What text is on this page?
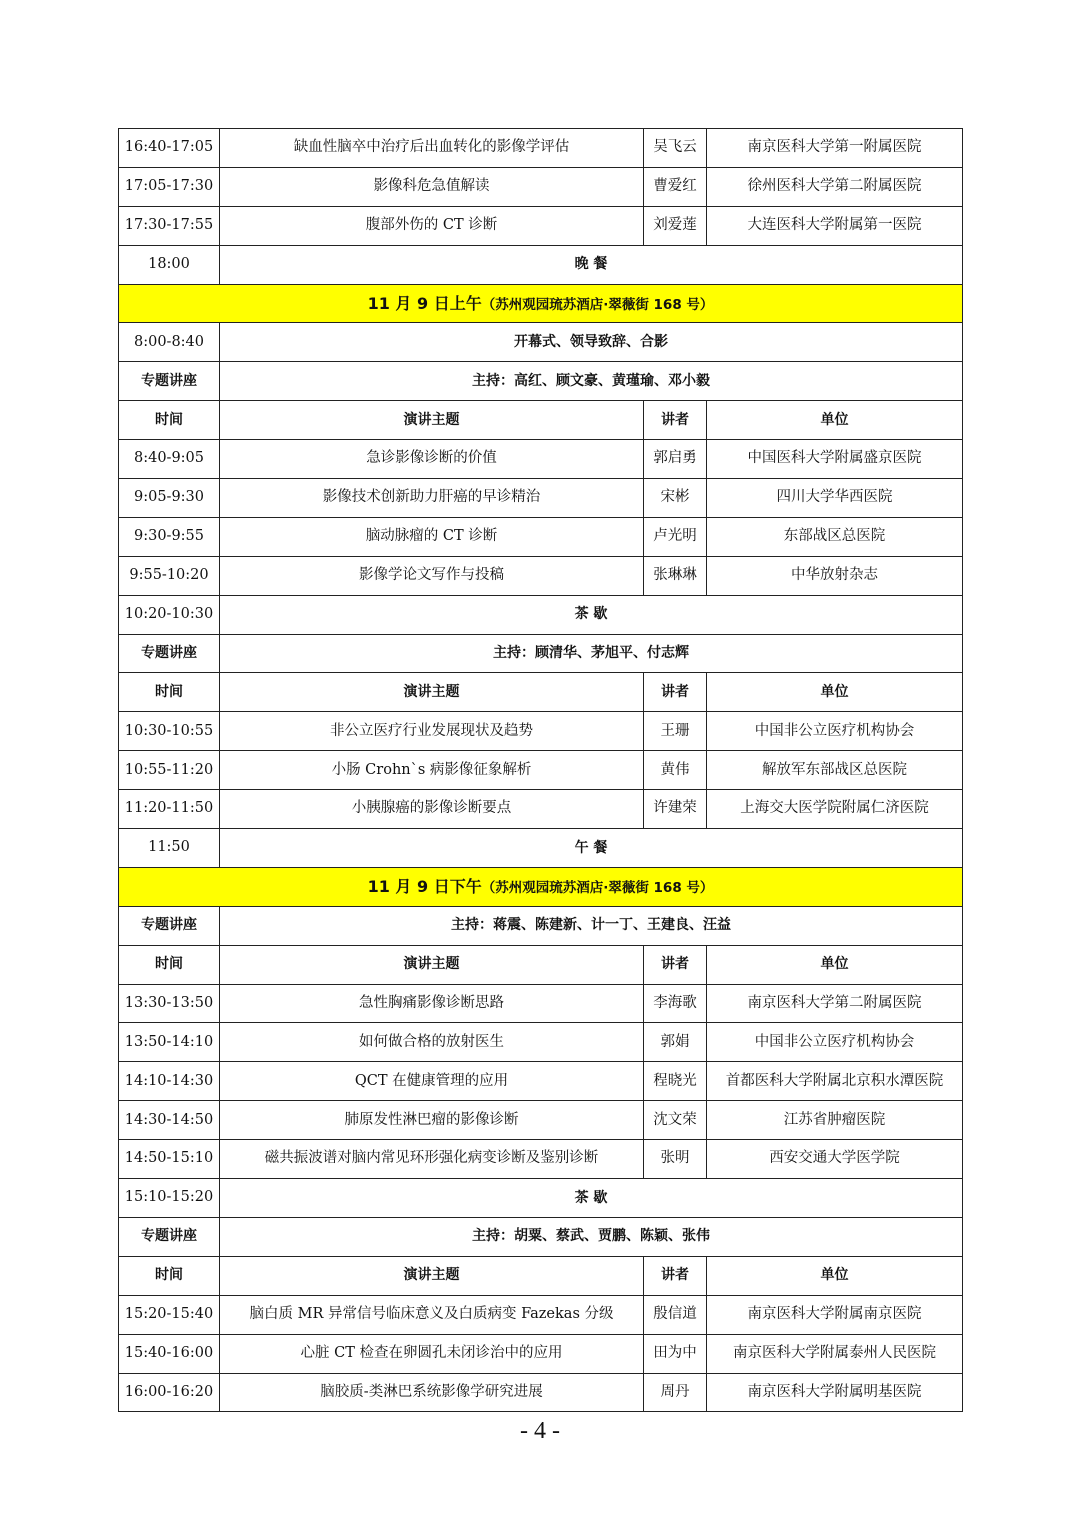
16:40-17:05	缺血性脑卒中治疗后出血转化的影像学评估	吴飞云	南京医科大学第一附属医院
17:05-17:30	影像科危急值解读	曹爱红	徐州医科大学第二附属医院
17:30-17:55	腹部外伤的 CT 诊断	刘爱莲	大连医科大学附属第一医院
18:00	晚 餐		
11 月 9 日上午（苏州观园琉苏酒店·翠薇街 168 号）			
8:00-8:40	开幕式、领导致辞、合影		
专题讲座	主持：高红、顾文豪、黄瑾瑜、邓小毅		
时间	演讲主题	讲者	单位
8:40-9:05	急诊影像诊断的价值	郭启勇	中国医科大学附属盛京医院
9:05-9:30	影像技术创新助力肝癌的早诊精治	宋彬	四川大学华西医院
9:30-9:55	脑动脉瘤的 CT 诊断	卢光明	东部战区总医院
9:55-10:20	影像学论文写作与投稿	张琳琳	中华放射杂志
10:20-10:30	茶 歇		
专题讲座	主持：顾清华、茅旭平、付志辉		
时间	演讲主题	讲者	单位
10:30-10:55	非公立医疗行业发展现状及趋势	王珊	中国非公立医疗机构协会
10:55-11:20	小肠 Crohn`s 病影像征象解析	黄伟	解放军东部战区总医院
11:20-11:50	小胰腺癌的影像诊断要点	许建荣	上海交大医学院附属仁济医院
11:50	午 餐		
11 月 9 日下午（苏州观园琉苏酒店·翠薇街 168 号）			
专题讲座	主持：蒋震、陈建新、计一丁、王建良、汪益		
时间	演讲主题	讲者	单位
13:30-13:50	急性胸痛影像诊断思路	李海歌	南京医科大学第二附属医院
13:50-14:10	如何做合格的放射医生	郭娟	中国非公立医疗机构协会
14:10-14:30	QCT 在健康管理的应用	程晓光	首都医科大学附属北京积水潭医院
14:30-14:50	肺原发性淋巴瘤的影像诊断	沈文荣	江苏省肿瘤医院
14:50-15:10	磁共振波谱对脑内常见环形强化病变诊断及鉴别诊断	张明	西安交通大学医学院
15:10-15:20	茶 歇		
专题讲座	主持：胡粟、蔡武、贾鹏、陈颖、张伟		
时间	演讲主题	讲者	单位
15:20-15:40	脑白质 MR 异常信号临床意义及白质病变 Fazekas 分级	殷信道	南京医科大学附属南京医院
15:40-16:00	心脏 CT 检查在卵圆孔未闭诊治中的应用	田为中	南京医科大学附属泰州人民医院
16:00-16:20	脑胶质-类淋巴系统影像学研究进展	周丹	南京医科大学附属明基医院
- 4 -
